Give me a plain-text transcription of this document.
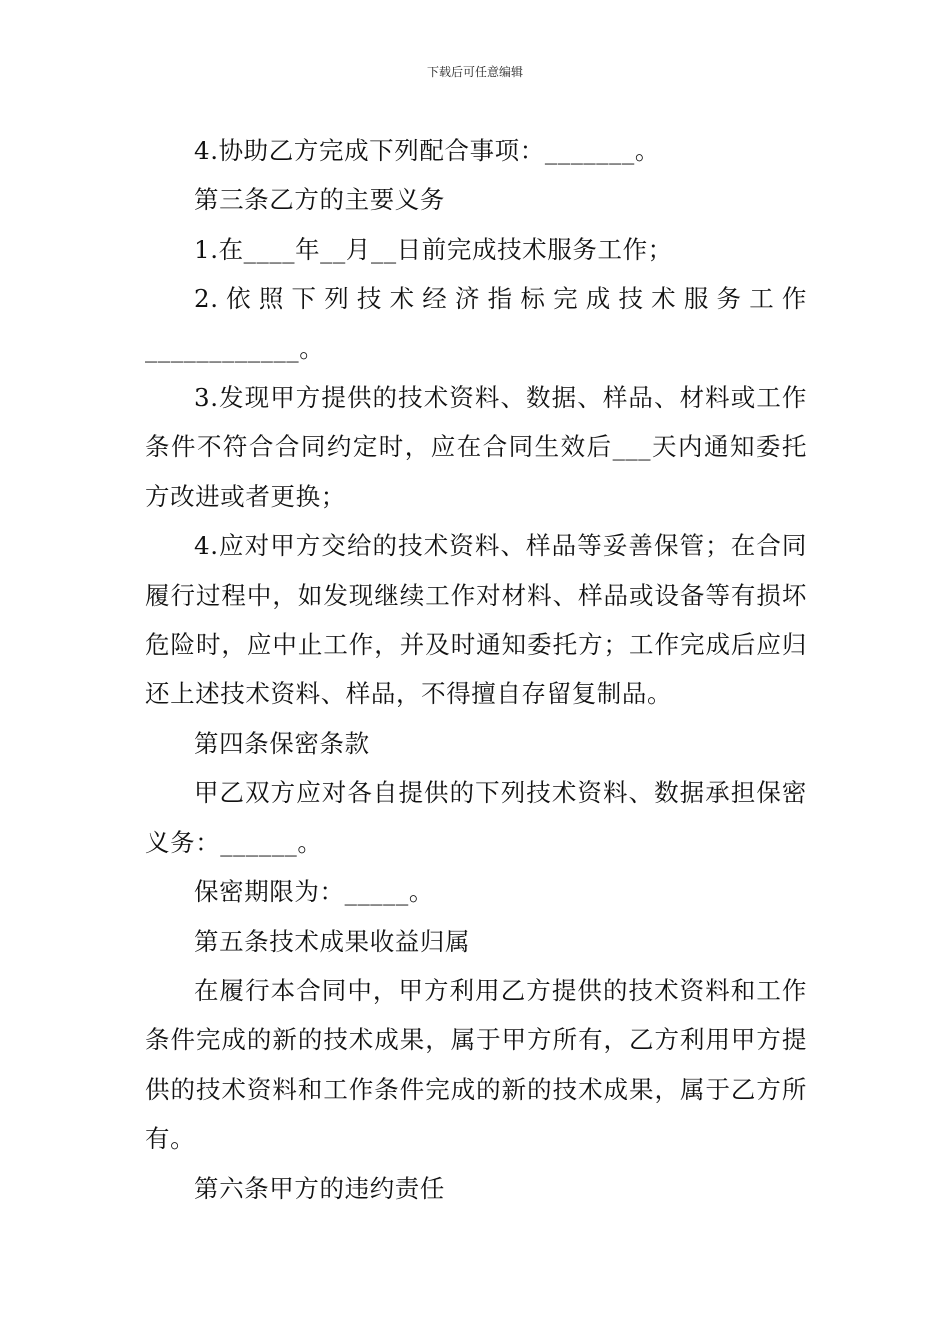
下载后可任意编辑

4.协助乙方完成下列配合事项：_______。

第三条乙方的主要义务

1.在____年__月__日前完成技术服务工作；

2.依照下列技术经济指标完成技术服务工作____________。

3.发现甲方提供的技术资料、数据、样品、材料或工作条件不符合合同约定时，应在合同生效后___天内通知委托方改进或者更换；

4.应对甲方交给的技术资料、样品等妥善保管；在合同履行过程中，如发现继续工作对材料、样品或设备等有损坏危险时，应中止工作，并及时通知委托方；工作完成后应归还上述技术资料、样品，不得擅自存留复制品。

第四条保密条款

甲乙双方应对各自提供的下列技术资料、数据承担保密义务：______。

保密期限为：_____。

第五条技术成果收益归属

在履行本合同中，甲方利用乙方提供的技术资料和工作条件完成的新的技术成果，属于甲方所有，乙方利用甲方提供的技术资料和工作条件完成的新的技术成果，属于乙方所有。

第六条甲方的违约责任
